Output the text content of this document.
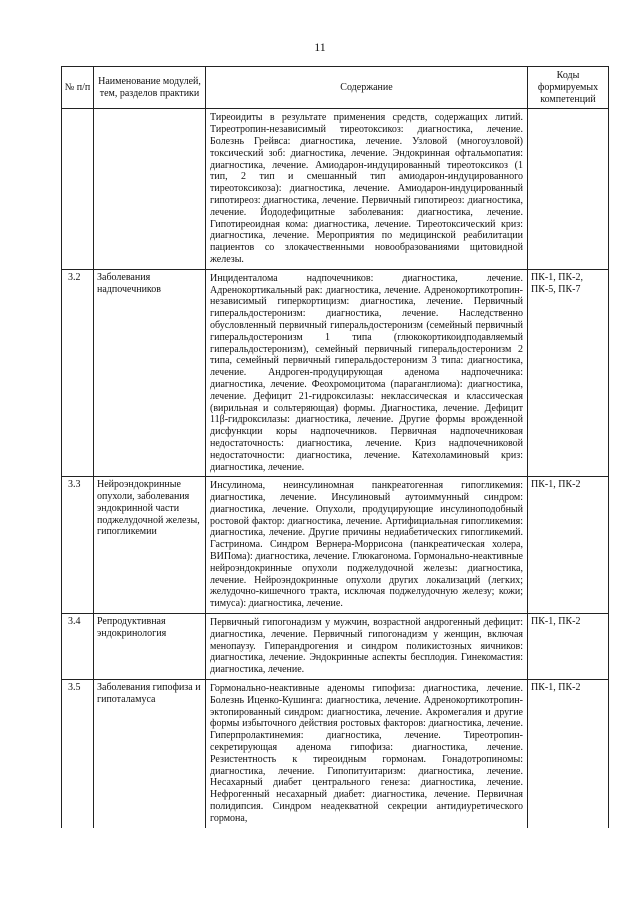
11
№ п/п	Наименование модулей, тем, разделов практики	Содержание	Коды формируемых компетенций
		Тиреоидиты в результате применения средств, содержащих литий. Тиреотропин-независимый тиреотоксикоз: диагностика, лечение. Болезнь Грейвса: диагностика, лечение. Узловой (многоузловой) токсический зоб: диагностика, лечение. Эндокринная офтальмопатия: диагностика, лечение. Амиодарон-индуцированный тиреотоксикоз (1 тип, 2 тип и смешанный тип амиодарон-индуцированного тиреотоксикоза): диагностика, лечение. Амиодарон-индуцированный гипотиреоз: диагностика, лечение. Первичный гипотиреоз: диагностика, лечение. Йододефицитные заболевания: диагностика, лечение. Гипотиреоидная кома: диагностика, лечение. Тиреотоксический криз: диагностика, лечение. Мероприятия по медицинской реабилитации пациентов со злокачественными новообразованиями щитовидной железы.	
3.2	Заболевания надпочечников	Инциденталома надпочечников: диагностика, лечение. Адренокортикальный рак: диагностика, лечение. Адренокортикотропин-независимый гиперкортицизм: диагностика, лечение. Первичный гиперальдостеронизм: диагностика, лечение. Наследственно обусловленный первичный гиперальдостеронизм (семейный первичный гиперальдостеронизм 1 типа (глюкокортикоидподавляемый гиперальдостеронизм), семейный первичный гиперальдостеронизм 2 типа, семейный первичный гиперальдостеронизм 3 типа: диагностика, лечение. Андроген-продуцирующая аденома надпочечника: диагностика, лечение. Феохромоцитома (параганглиома): диагностика, лечение. Дефицит 21-гидроксилазы: неклассическая и классическая (вирильная и сольтеряющая) формы. Диагностика, лечение. Дефицит 11β-гидроксилазы: диагностика, лечение. Другие формы врожденной дисфункции коры надпочечников. Первичная надпочечниковая недостаточность: диагностика, лечение. Криз надпочечниковой недостаточности: диагностика, лечение. Катехоламиновый криз: диагностика, лечение.	ПК-1, ПК-2, ПК-5, ПК-7
3.3	Нейроэндокринные опухоли, заболевания эндокринной части поджелудочной железы, гипогликемии	Инсулинома, неинсулиномная панкреатогенная гипогликемия: диагностика, лечение. Инсулиновый аутоиммунный синдром: диагностика, лечение. Опухоли, продуцирующие инсулиноподобный ростовой фактор: диагностика, лечение. Артифициальная гипогликемия: диагностика, лечение. Другие причины недиабетических гипогликемий. Гастринома. Синдром Вернера-Моррисона (панкреатическая холера, ВИПома): диагностика, лечение. Глюкагонома. Гормонально-неактивные нейроэндокринные опухоли поджелудочной железы: диагностика, лечение. Нейроэндокринные опухоли других локализаций (легких; желудочно-кишечного тракта, исключая поджелудочную железу; кожи; тимуса): диагностика, лечение.	ПК-1, ПК-2
3.4	Репродуктивная эндокринология	Первичный гипогонадизм у мужчин, возрастной андрогенный дефицит: диагностика, лечение. Первичный гипогонадизм у женщин, включая менопаузу. Гиперандрогения и синдром поликистозных яичников: диагностика, лечение. Эндокринные аспекты бесплодия. Гинекомастия: диагностика, лечение.	ПК-1, ПК-2
3.5	Заболевания гипофиза и гипоталамуса	Гормонально-неактивные аденомы гипофиза: диагностика, лечение. Болезнь Иценко-Кушинга: диагностика, лечение. Адренокортикотропин-эктопированный синдром: диагностика, лечение. Акромегалия и другие формы избыточного действия ростовых факторов: диагностика, лечение. Гиперпролактинемия: диагностика, лечение. Тиреотропин-секретирующая аденома гипофиза: диагностика, лечение. Резистентность к тиреоидным гормонам. Гонадотропиномы: диагностика, лечение. Гипопитуитаризм: диагностика, лечение. Несахарный диабет центрального генеза: диагностика, лечение. Нефрогенный несахарный диабет: диагностика, лечение. Первичная полидипсия. Синдром неадекватной секреции антидиуретического гормона,	ПК-1, ПК-2
